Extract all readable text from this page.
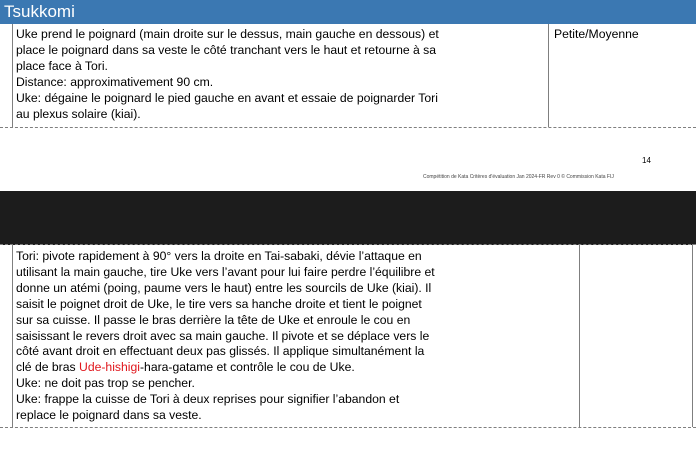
Tsukkomi
Uke prend le poignard (main droite sur le dessus, main gauche en dessous) et
place le poignard dans sa veste le côté tranchant vers le haut et retourne à sa
place face à Tori.
Distance: approximativement 90 cm.
Uke: dégaine le poignard le pied gauche en avant et essaie de poignarder Tori
au plexus solaire (kiai).
Petite/Moyenne
14
Compétition de Kata Critères d'évaluation Jan 2024-FR Rev 0 © Commission Kata FIJ
Tori: pivote rapidement à 90° vers la droite en Tai-sabaki, dévie l’attaque en
utilisant la main gauche, tire Uke vers l’avant pour lui faire perdre l’équilibre et
donne un atémi (poing, paume vers le haut) entre les sourcils de Uke (kiai). Il
saisit le poignet droit de Uke, le tire vers sa hanche droite et tient le poignet
sur sa cuisse. Il passe le bras derrière la tête de Uke et enroule le cou en
saisissant le revers droit avec sa main gauche. Il pivote et se déplace vers le
côté avant droit en effectuant deux pas glissés. Il applique simultanément la
clé de bras Ude-hishigi-hara-gatame et contrôle le cou de Uke.
Uke: ne doit pas trop se pencher.
Uke: frappe la cuisse de Tori à deux reprises pour signifier l’abandon et
replace le poignard dans sa veste.
